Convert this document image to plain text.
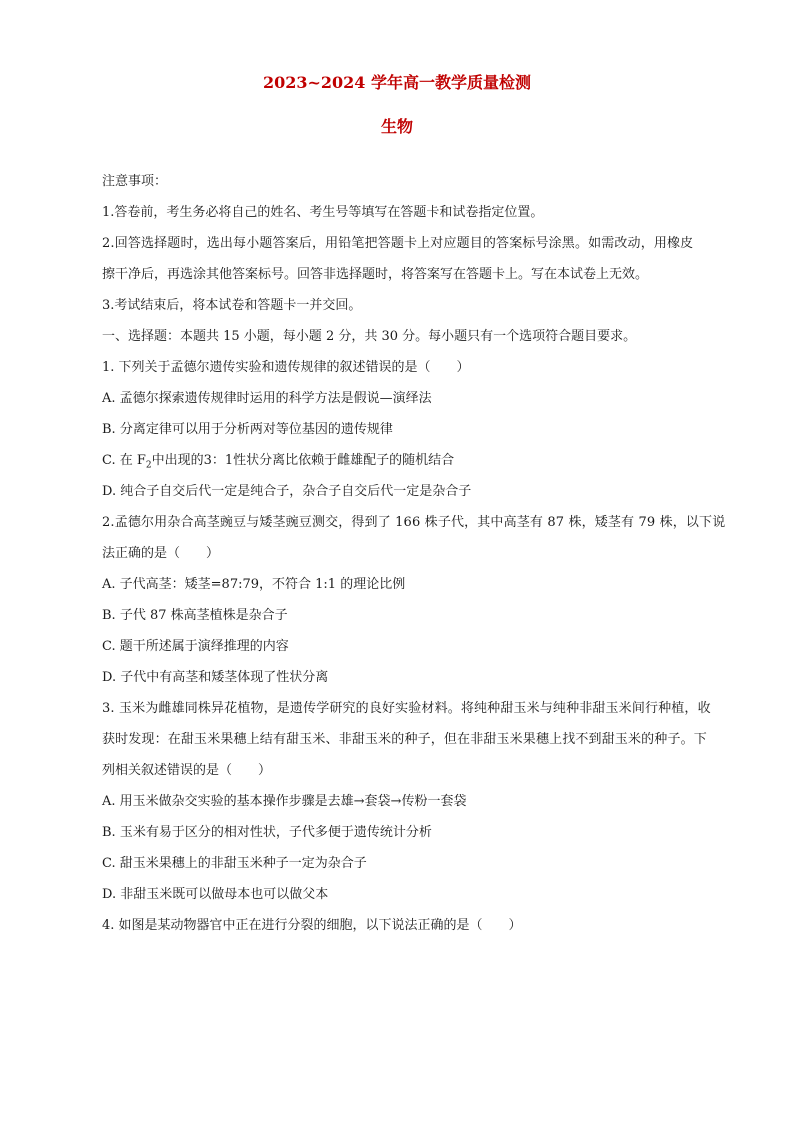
2023~2024 学年高一教学质量检测
生物
注意事项：
1.答卷前，考生务必将自己的姓名、考生号等填写在答题卡和试卷指定位置。
2.回答选择题时，选出每小题答案后，用铅笔把答题卡上对应题目的答案标号涂黑。如需改动，用橡皮
擦干净后，再选涂其他答案标号。回答非选择题时，将答案写在答题卡上。写在本试卷上无效。
3.考试结束后，将本试卷和答题卡一并交回。
一、选择题：本题共 15 小题，每小题 2 分，共 30 分。每小题只有一个选项符合题目要求。
1. 下列关于孟德尔遗传实验和遗传规律的叙述错误的是（　　）
A. 孟德尔探索遗传规律时运用的科学方法是假说—演绎法
B. 分离定律可以用于分析两对等位基因的遗传规律
C. 在 $F_2$中出现的3：1性状分离比依赖于雌雄配子的随机结合
D. 纯合子自交后代一定是纯合子，杂合子自交后代一定是杂合子
2.孟德尔用杂合高茎豌豆与矮茎豌豆测交，得到了 166 株子代，其中高茎有 87 株，矮茎有 79 株，以下说
法正确的是（　　）
A. 子代高茎：矮茎=87:79，不符合 1:1 的理论比例
B. 子代 87 株高茎植株是杂合子
C. 题干所述属于演绎推理的内容
D. 子代中有高茎和矮茎体现了性状分离
3. 玉米为雌雄同株异花植物，是遗传学研究的良好实验材料。将纯种甜玉米与纯种非甜玉米间行种植，收
获时发现：在甜玉米果穗上结有甜玉米、非甜玉米的种子，但在非甜玉米果穗上找不到甜玉米的种子。下
列相关叙述错误的是（　　）
A. 用玉米做杂交实验的基本操作步骤是去雄→套袋→传粉一套袋
B. 玉米有易于区分的相对性状，子代多便于遗传统计分析
C. 甜玉米果穗上的非甜玉米种子一定为杂合子
D. 非甜玉米既可以做母本也可以做父本
4. 如图是某动物器官中正在进行分裂的细胞，以下说法正确的是（　　）
